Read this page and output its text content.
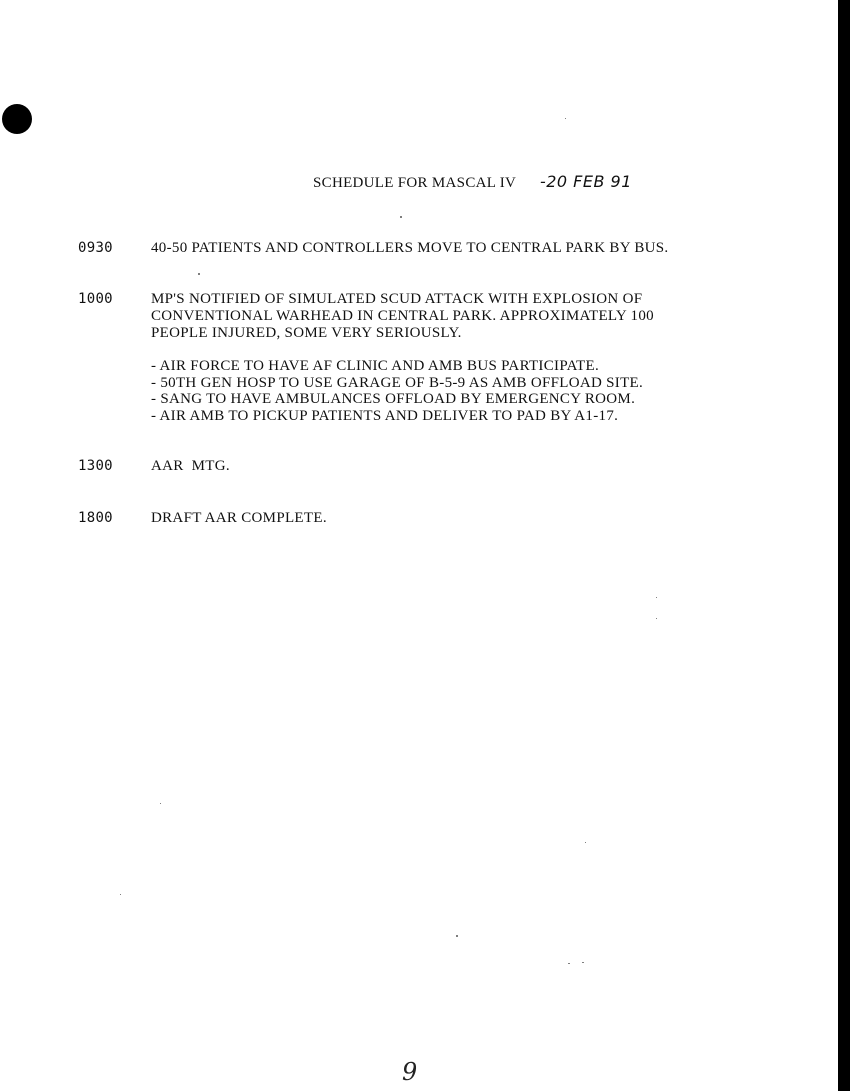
SCHEDULE FOR MASCAL IV -20 FEB 91
0930	40-50 PATIENTS AND CONTROLLERS MOVE TO CENTRAL PARK BY BUS.
1000	MP'S NOTIFIED OF SIMULATED SCUD ATTACK WITH EXPLOSION OF
CONVENTIONAL WARHEAD IN CENTRAL PARK. APPROXIMATELY 100
PEOPLE INJURED, SOME VERY SERIOUSLY.
- AIR FORCE TO HAVE AF CLINIC AND AMB BUS PARTICIPATE.
- 50TH GEN HOSP TO USE GARAGE OF B-5-9 AS AMB OFFLOAD SITE.
- SANG TO HAVE AMBULANCES OFFLOAD BY EMERGENCY ROOM.
- AIR AMB TO PICKUP PATIENTS AND DELIVER TO PAD BY A1-17.
1300	AAR  MTG.
1800	DRAFT AAR COMPLETE.
9
